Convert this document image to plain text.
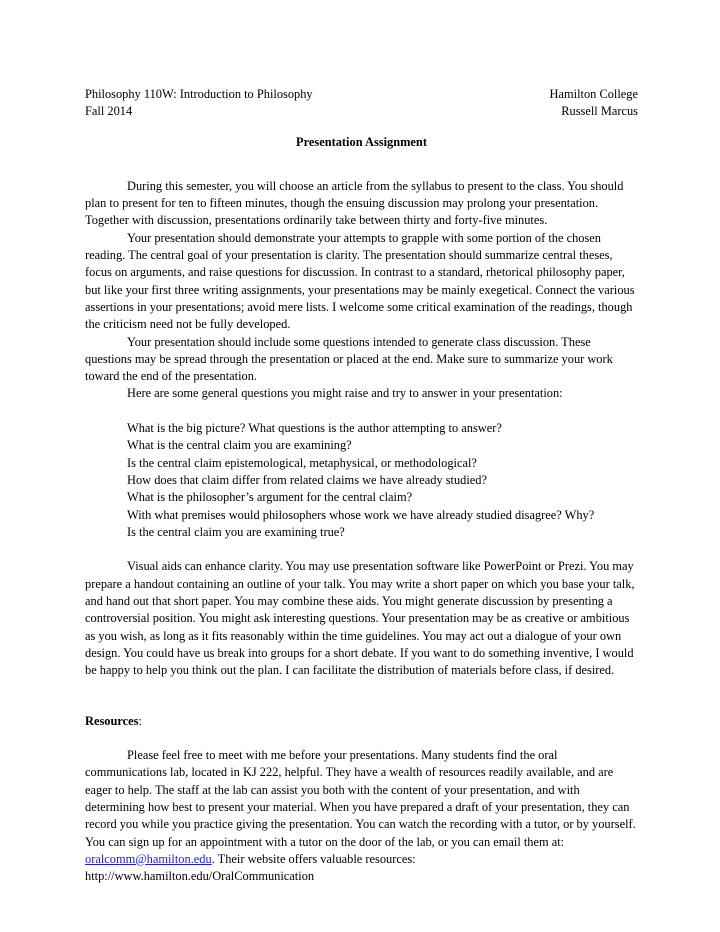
Philosophy 110W: Introduction to Philosophy	Hamilton College
Fall 2014	Russell Marcus
Presentation Assignment

During this semester, you will choose an article from the syllabus to present to the class. You should plan to present for ten to fifteen minutes, though the ensuing discussion may prolong your presentation. Together with discussion, presentations ordinarily take between thirty and forty-five minutes.

Your presentation should demonstrate your attempts to grapple with some portion of the chosen reading. The central goal of your presentation is clarity. The presentation should summarize central theses, focus on arguments, and raise questions for discussion. In contrast to a standard, rhetorical philosophy paper, but like your first three writing assignments, your presentations may be mainly exegetical. Connect the various assertions in your presentations; avoid mere lists. I welcome some critical examination of the readings, though the criticism need not be fully developed.

Your presentation should include some questions intended to generate class discussion. These questions may be spread through the presentation or placed at the end. Make sure to summarize your work toward the end of the presentation.

Here are some general questions you might raise and try to answer in your presentation:

What is the big picture? What questions is the author attempting to answer?
What is the central claim you are examining?
Is the central claim epistemological, metaphysical, or methodological?
How does that claim differ from related claims we have already studied?
What is the philosopher’s argument for the central claim?
With what premises would philosophers whose work we have already studied disagree? Why?
Is the central claim you are examining true?

Visual aids can enhance clarity. You may use presentation software like PowerPoint or Prezi. You may prepare a handout containing an outline of your talk. You may write a short paper on which you base your talk, and hand out that short paper. You may combine these aids. You might generate discussion by presenting a controversial position. You might ask interesting questions. Your presentation may be as creative or ambitious as you wish, as long as it fits reasonably within the time guidelines. You may act out a dialogue of your own design. You could have us break into groups for a short debate. If you want to do something inventive, I would be happy to help you think out the plan. I can facilitate the distribution of materials before class, if desired.

Resources:

Please feel free to meet with me before your presentations. Many students find the oral communications lab, located in KJ 222, helpful. They have a wealth of resources readily available, and are eager to help. The staff at the lab can assist you both with the content of your presentation, and with determining how best to present your material. When you have prepared a draft of your presentation, they can record you while you practice giving the presentation. You can watch the recording with a tutor, or by yourself. You can sign up for an appointment with a tutor on the door of the lab, or you can email them at: oralcomm@hamilton.edu. Their website offers valuable resources:

http://www.hamilton.edu/OralCommunication
